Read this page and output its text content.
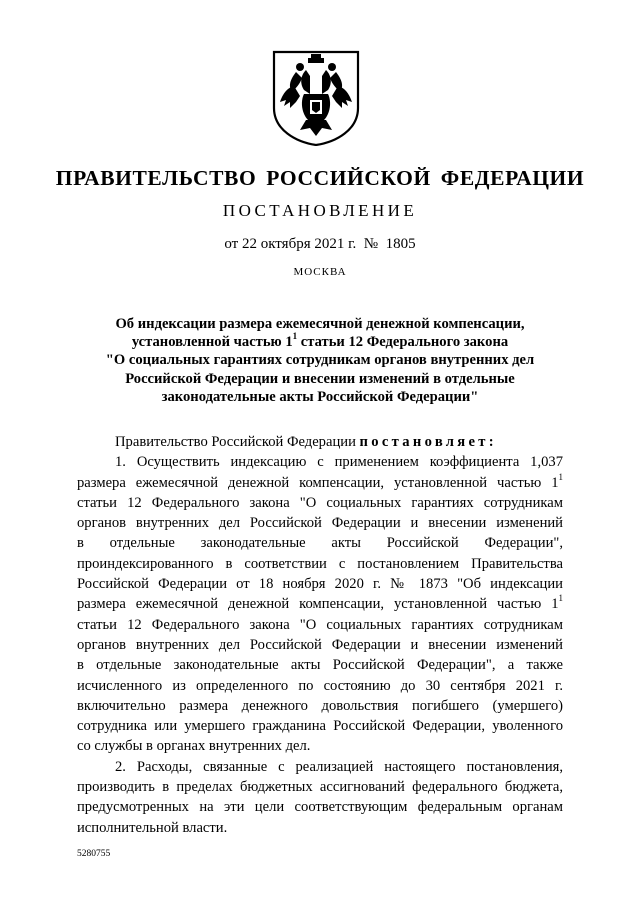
ПРАВИТЕЛЬСТВО РОССИЙСКОЙ ФЕДЕРАЦИИ
ПОСТАНОВЛЕНИЕ
от 22 октября 2021 г.  №  1805
МОСКВА
Об индексации размера ежемесячной денежной компенсации,
установленной частью $1^1$ статьи 12 Федерального закона
"О социальных гарантиях сотрудникам органов внутренних дел
Российской Федерации и внесении изменений в отдельные
законодательные акты Российской Федерации"
Правительство Российской Федерации постановляет:
1. Осуществить индексацию с применением коэффициента 1,037
размера ежемесячной денежной компенсации, установленной частью $1^1$
статьи 12 Федерального закона "О социальных гарантиях сотрудникам
органов внутренних дел Российской Федерации и внесении изменений
в отдельные законодательные акты Российской Федерации",
проиндексированного в соответствии с постановлением Правительства
Российской Федерации от 18 ноября 2020 г. № 1873 "Об индексации
размера ежемесячной денежной компенсации, установленной частью $1^1$
статьи 12 Федерального закона "О социальных гарантиях сотрудникам
органов внутренних дел Российской Федерации и внесении изменений
в отдельные законодательные акты Российской Федерации", а также
исчисленного из определенного по состоянию до 30 сентября 2021 г.
включительно размера денежного довольствия погибшего (умершего)
сотрудника или умершего гражданина Российской Федерации, уволенного
со службы в органах внутренних дел.
2. Расходы, связанные с реализацией настоящего постановления,
производить в пределах бюджетных ассигнований федерального бюджета,
предусмотренных на эти цели соответствующим федеральным органам
исполнительной власти.
5280755
